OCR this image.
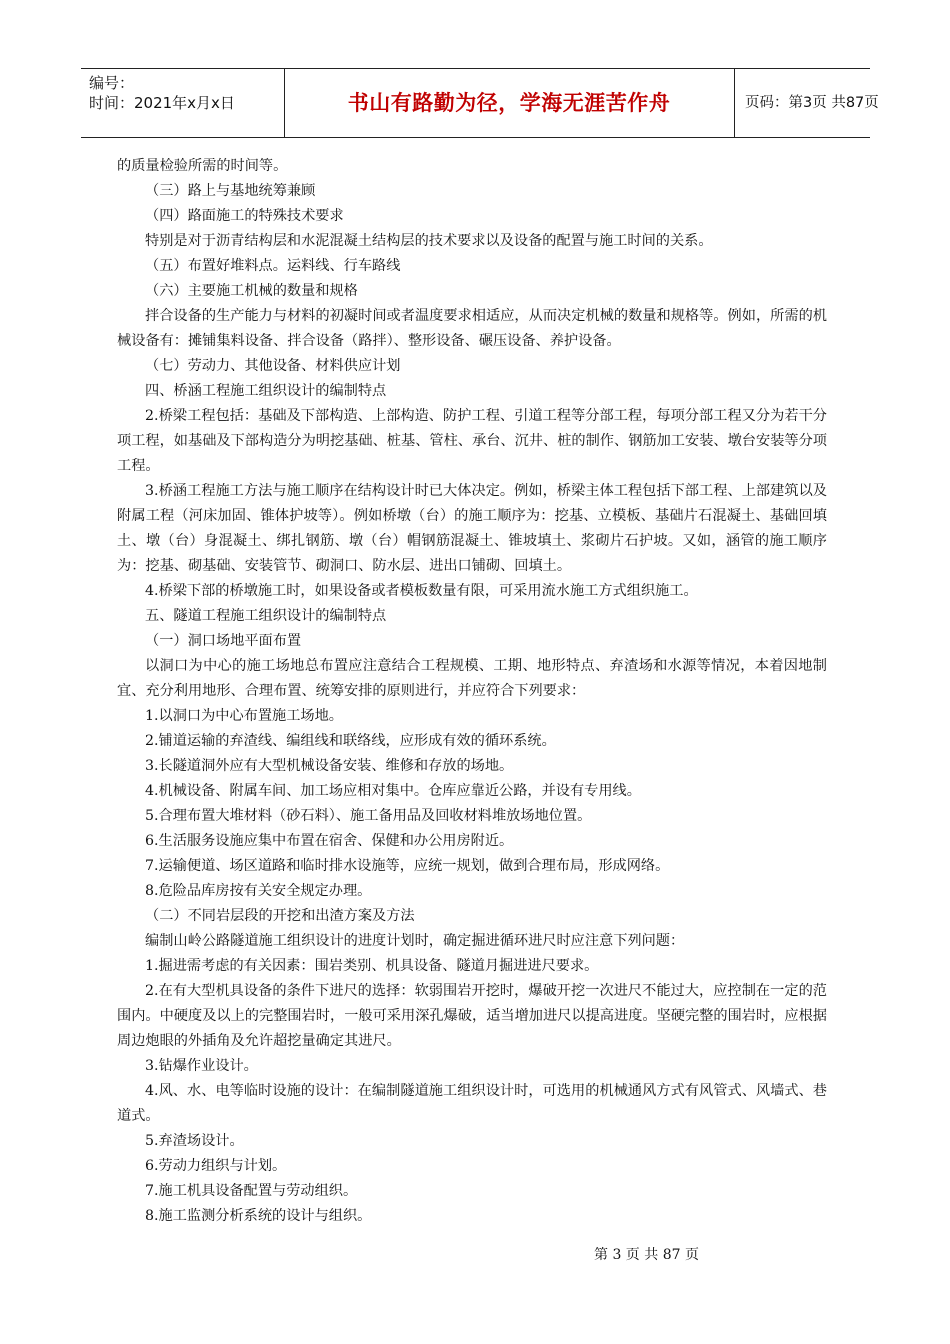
编号：
时间：2021年x月x日	书山有路勤为径，学海无涯苦作舟	页码：第3页 共87页

的质量检验所需的时间等。

（三）路上与基地统筹兼顾

（四）路面施工的特殊技术要求

特别是对于沥青结构层和水泥混凝土结构层的技术要求以及设备的配置与施工时间的关系。

（五）布置好堆料点。运料线、行车路线

（六）主要施工机械的数量和规格

拌合设备的生产能力与材料的初凝时间或者温度要求相适应，从而决定机械的数量和规格等。例如，所需的机械设备有：摊铺集料设备、拌合设备（路拌）、整形设备、碾压设备、养护设备。

（七）劳动力、其他设备、材料供应计划

四、桥涵工程施工组织设计的编制特点

2.桥梁工程包括：基础及下部构造、上部构造、防护工程、引道工程等分部工程，每项分部工程又分为若干分项工程，如基础及下部构造分为明挖基础、桩基、管柱、承台、沉井、桩的制作、钢筋加工安装、墩台安装等分项工程。

3.桥涵工程施工方法与施工顺序在结构设计时已大体决定。例如，桥梁主体工程包括下部工程、上部建筑以及附属工程（河床加固、锥体护坡等）。例如桥墩（台）的施工顺序为：挖基、立模板、基础片石混凝土、基础回填土、墩（台）身混凝土、绑扎钢筋、墩（台）帽钢筋混凝土、锥坡填土、浆砌片石护坡。又如，涵管的施工顺序为：挖基、砌基础、安装管节、砌洞口、防水层、进出口铺砌、回填土。

4.桥梁下部的桥墩施工时，如果设备或者模板数量有限，可采用流水施工方式组织施工。

五、隧道工程施工组织设计的编制特点

（一）洞口场地平面布置

以洞口为中心的施工场地总布置应注意结合工程规模、工期、地形特点、弃渣场和水源等情况，本着因地制宜、充分利用地形、合理布置、统筹安排的原则进行，并应符合下列要求：

1.以洞口为中心布置施工场地。

2.铺道运输的弃渣线、编组线和联络线，应形成有效的循环系统。

3.长隧道洞外应有大型机械设备安装、维修和存放的场地。

4.机械设备、附属车间、加工场应相对集中。仓库应靠近公路，并设有专用线。

5.合理布置大堆材料（砂石料）、施工备用品及回收材料堆放场地位置。

6.生活服务设施应集中布置在宿舍、保健和办公用房附近。

7.运输便道、场区道路和临时排水设施等，应统一规划，做到合理布局，形成网络。

8.危险品库房按有关安全规定办理。

（二）不同岩层段的开挖和出渣方案及方法

编制山岭公路隧道施工组织设计的进度计划时，确定掘进循环进尺时应注意下列问题：

1.掘进需考虑的有关因素：围岩类别、机具设备、隧道月掘进进尺要求。

2.在有大型机具设备的条件下进尺的选择：软弱围岩开挖时，爆破开挖一次进尺不能过大，应控制在一定的范围内。中硬度及以上的完整围岩时，一般可采用深孔爆破，适当增加进尺以提高进度。坚硬完整的围岩时，应根据周边炮眼的外插角及允许超挖量确定其进尺。

3.钻爆作业设计。

4.风、水、电等临时设施的设计：在编制隧道施工组织设计时，可选用的机械通风方式有风管式、风墙式、巷道式。

5.弃渣场设计。

6.劳动力组织与计划。

7.施工机具设备配置与劳动组织。

8.施工监测分析系统的设计与组织。

第 3 页 共 87 页
